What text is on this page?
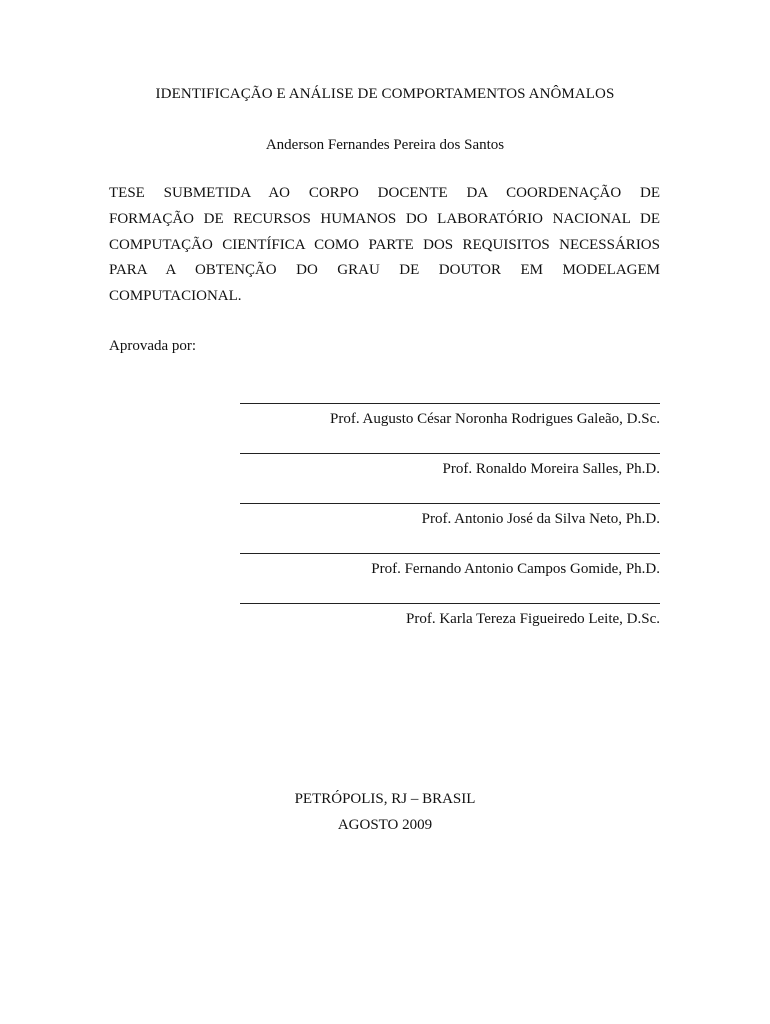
IDENTIFICAÇÃO E ANÁLISE DE COMPORTAMENTOS ANÔMALOS
Anderson Fernandes Pereira dos Santos
TESE SUBMETIDA AO CORPO DOCENTE DA COORDENAÇÃO DE
FORMAÇÃO DE RECURSOS HUMANOS DO LABORATÓRIO NACIONAL DE
COMPUTAÇÃO CIENTÍFICA COMO PARTE DOS REQUISITOS NECESSÁRIOS
PARA A OBTENÇÃO DO GRAU DE DOUTOR EM MODELAGEM
COMPUTACIONAL.
Aprovada por:
Prof. Augusto César Noronha Rodrigues Galeão, D.Sc.
Prof. Ronaldo Moreira Salles, Ph.D.
Prof. Antonio José da Silva Neto, Ph.D.
Prof. Fernando Antonio Campos Gomide, Ph.D.
Prof. Karla Tereza Figueiredo Leite, D.Sc.
PETRÓPOLIS, RJ – BRASIL
AGOSTO 2009
